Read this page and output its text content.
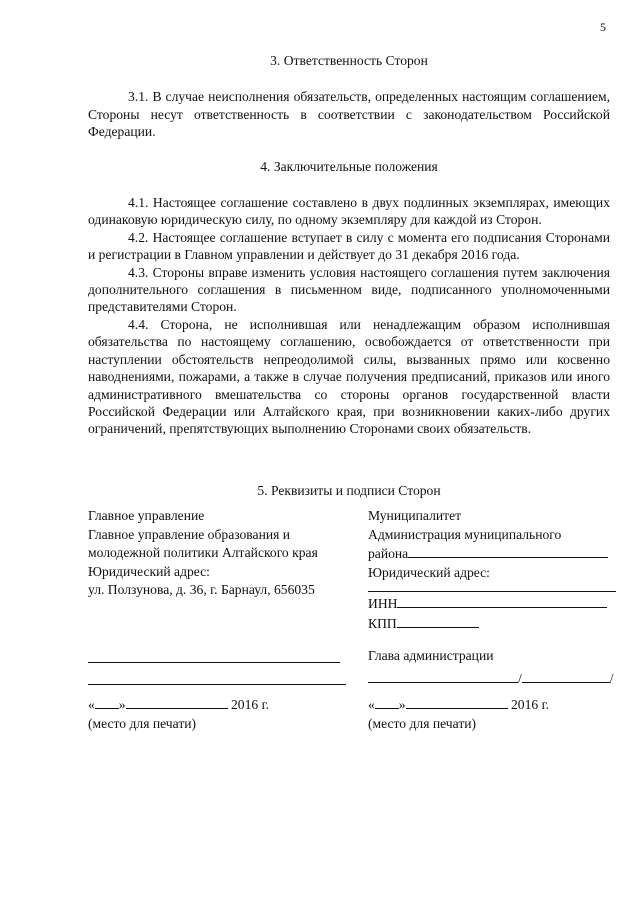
5

3. Ответственность Сторон

3.1. В случае неисполнения обязательств, определенных настоящим соглашением, Стороны несут ответственность в соответствии с законодательством Российской Федерации.

4. Заключительные положения

4.1. Настоящее соглашение составлено в двух подлинных экземплярах, имеющих одинаковую юридическую силу, по одному экземпляру для каждой из Сторон.

4.2. Настоящее соглашение вступает в силу с момента его подписания Сторонами и регистрации в Главном управлении и действует до 31 декабря 2016 года.

4.3. Стороны вправе изменить условия настоящего соглашения путем заключения дополнительного соглашения в письменном виде, подписанного уполномоченными представителями Сторон.

4.4. Сторона, не исполнившая или ненадлежащим образом исполнившая обязательства по настоящему соглашению, освобождается от ответственности при наступлении обстоятельств непреодолимой силы, вызванных прямо или косвенно наводнениями, пожарами, а также в случае получения предписаний, приказов или иного административного вмешательства со стороны органов государственной власти Российской Федерации или Алтайского края, при возникновении каких-либо других ограничений, препятствующих выполнению Сторонами своих обязательств.

5. Реквизиты и подписи Сторон

Главное управление
Главное управление образования и
молодежной политики Алтайского края
Юридический адрес:
ул. Ползунова, д. 36, г. Барнаул, 656035
Муниципалитет
Администрация муниципального
района
Юридический адрес:
ИНН
КПП
Глава администрации
/	/
« »	2016 г.	« »	2016 г.
(место для печати)	(место для печати)
